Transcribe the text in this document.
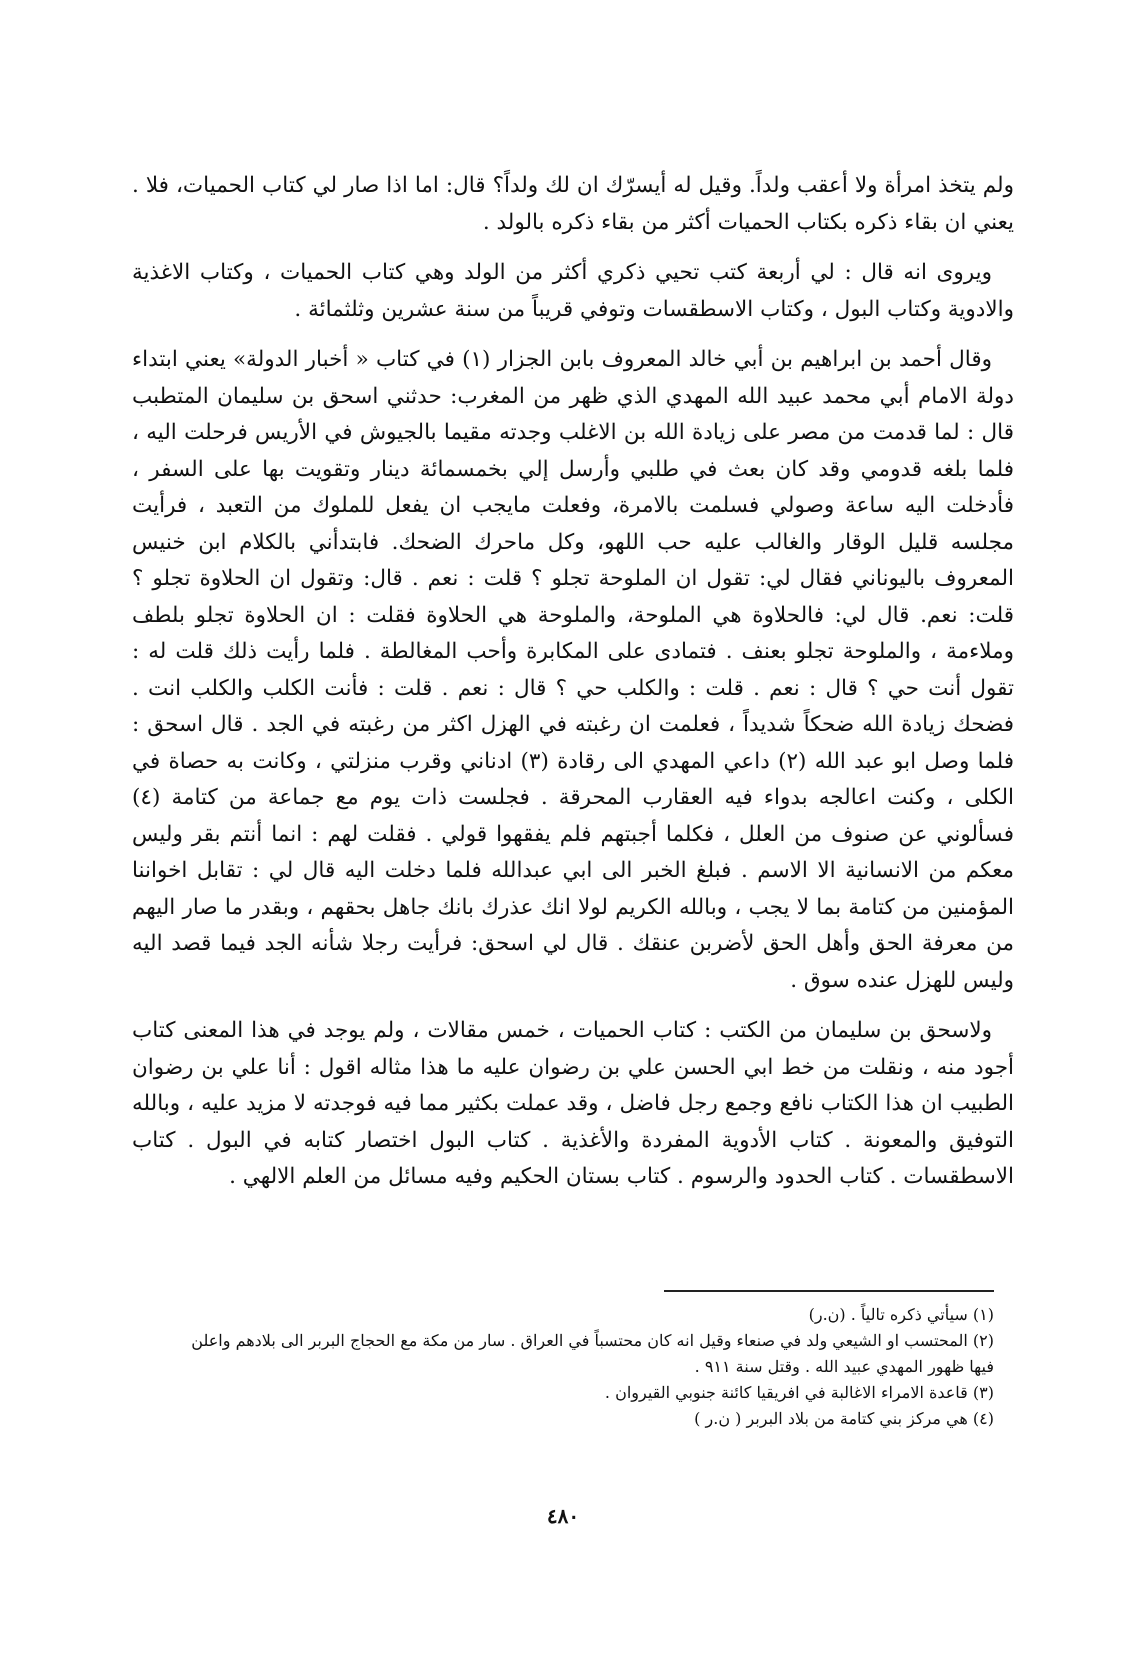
ولم يتخذ امرأة ولا أعقب ولداً. وقيل له أيسرّك ان لك ولداً؟ قال: اما اذا صار لي كتاب الحميات، فلا . يعني ان بقاء ذكره بكتاب الحميات أكثر من بقاء ذكره بالولد .

ويروى انه قال : لي أربعة كتب تحيي ذكري أكثر من الولد وهي كتاب الحميات ، وكتاب الاغذية والادوية وكتاب البول ، وكتاب الاسطقسات وتوفي قريباً من سنة عشرين وثلثمائة .

وقال أحمد بن ابراهيم بن أبي خالد المعروف بابن الجزار (١) في كتاب « أخبار الدولة» يعني ابتداء دولة الامام أبي محمد عبيد الله المهدي الذي ظهر من المغرب: حدثني اسحق بن سليمان المتطبب قال : لما قدمت من مصر على زيادة الله بن الاغلب وجدته مقيما بالجيوش في الأريس فرحلت اليه ، فلما بلغه قدومي وقد كان بعث في طلبي وأرسل إلي بخمسمائة دينار وتقويت بها على السفر ، فأدخلت اليه ساعة وصولي فسلمت بالامرة، وفعلت مايجب ان يفعل للملوك من التعبد ، فرأيت مجلسه قليل الوقار والغالب عليه حب اللهو، وكل ماحرك الضحك. فابتدأني بالكلام ابن خنيس المعروف باليوناني فقال لي: تقول ان الملوحة تجلو ؟ قلت : نعم . قال: وتقول ان الحلاوة تجلو ؟ قلت: نعم. قال لي: فالحلاوة هي الملوحة، والملوحة هي الحلاوة فقلت : ان الحلاوة تجلو بلطف وملاءمة ، والملوحة تجلو بعنف . فتمادى على المكابرة وأحب المغالطة . فلما رأيت ذلك قلت له : تقول أنت حي ؟ قال : نعم . قلت : والكلب حي ؟ قال : نعم . قلت : فأنت الكلب والكلب انت . فضحك زيادة الله ضحكاً شديداً ، فعلمت ان رغبته في الهزل اكثر من رغبته في الجد . قال اسحق : فلما وصل ابو عبد الله (٢) داعي المهدي الى رقادة (٣) ادناني وقرب منزلتي ، وكانت به حصاة في الكلى ، وكنت اعالجه بدواء فيه العقارب المحرقة . فجلست ذات يوم مع جماعة من كتامة (٤) فسألوني عن صنوف من العلل ، فكلما أجبتهم فلم يفقهوا قولي . فقلت لهم : انما أنتم بقر وليس معكم من الانسانية الا الاسم . فبلغ الخبر الى ابي عبدالله فلما دخلت اليه قال لي : تقابل اخواننا المؤمنين من كتامة بما لا يجب ، وبالله الكريم لولا انك عذرك بانك جاهل بحقهم ، وبقدر ما صار اليهم من معرفة الحق وأهل الحق لأضربن عنقك . قال لي اسحق: فرأيت رجلا شأنه الجد فيما قصد اليه وليس للهزل عنده سوق .

ولاسحق بن سليمان من الكتب : كتاب الحميات ، خمس مقالات ، ولم يوجد في هذا المعنى كتاب أجود منه ، ونقلت من خط ابي الحسن علي بن رضوان عليه ما هذا مثاله اقول : أنا علي بن رضوان الطبيب ان هذا الكتاب نافع وجمع رجل فاضل ، وقد عملت بكثير مما فيه فوجدته لا مزيد عليه ، وبالله التوفيق والمعونة . كتاب الأدوية المفردة والأغذية . كتاب البول اختصار كتابه في البول . كتاب الاسطقسات . كتاب الحدود والرسوم . كتاب بستان الحكيم وفيه مسائل من العلم الالهي .

(١) سيأتي ذكره تالياً . (ن.ر)

(٢) المحتسب او الشيعي ولد في صنعاء وقيل انه كان محتسباً في العراق . سار من مكة مع الحجاج البربر الى بلادهم واعلن

فيها ظهور المهدي عبيد الله . وقتل سنة ٩١١ .

(٣) قاعدة الامراء الاغالبة في افريقيا كائنة جنوبي القيروان .

(٤) هي مركز بني كتامة من بلاد البربر ( ن.ر )

٤٨٠
